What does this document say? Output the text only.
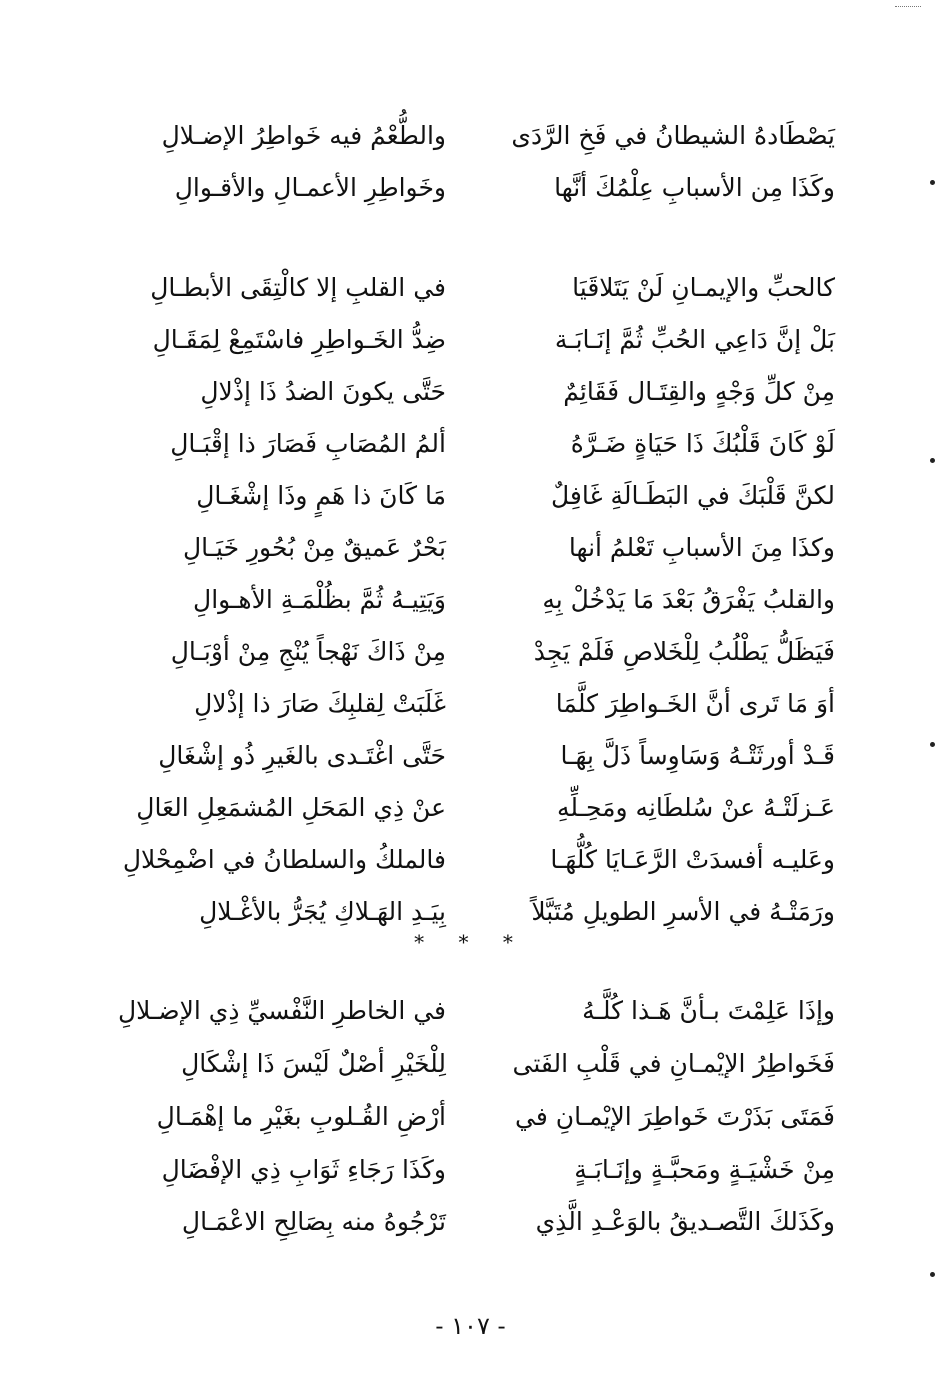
يَصْطَادهُ الشيطانُ في فَخِ الرَّدَى
والطُّعْمُ فيه خَواطِرُ الإضـلالِ
وكَذَا مِن الأسبابِ عِلْمُكَ أنَّها
وخَواطِرِ الأعمـالِ والأقـوالِ
كالحبِّ والإيمـانِ لَنْ يَتَلاقَيَا
في القلبِ إلا كالْتِقَى الأبطـالِ
بَلْ إنَّ دَاعِي الحُبِّ ثُمَّ إنَـابَـة
ضِدُّ الخَـواطِرِ فاسْتَمِعْ لِمَقَـالِ
مِنْ كلِّ وَجْهٍ والقِتَـال فَقَائِمٌ
حَتَّى يكونَ الضدُ ذَا إذْلالِ
لَوْ كَانَ قَلْبُكَ ذَا حَيَاةٍ ضَـرَّهُ
ألمُ المُصَابِ فَصَارَ ذا إقْبَـالِ
لكنَّ قَلْبَكَ في البَطَـالَةِ غَافِلٌ
مَا كَانَ ذا هَمٍ وذَا إشْغَـالِ
وكذَا مِنَ الأسبابِ تَعْلمُ أنها
بَحْرٌ عَميقٌ مِنْ بُحُورِ خَيَـالِ
والقلبُ يَفْرَقُ بَعْدَ مَا يَدْخُلْ بِهِ
وَيَتِيـهُ ثُمَّ بظُلْمَـةِ الأهـوالِ
فَيَظَلُّ يَطْلُبُ لِلْخَلاصِ فَلَمْ يَجِدْ
مِنْ ذَاكَ نَهْجاً يُنْجِ مِنْ أوْبَـالِ
أوَ مَا تَرى أنَّ الخَـواطِرَ كلَّمَا
غَلَبَتْ لِقلبِكَ صَارَ ذا إذْلالِ
قَـدْ أورثَتْـهُ وَسَاوِساً ذَلَّ بِهَـا
حَتَّى اغْتَـدى بالغَيرِ ذُو إشْغَالِ
عَـزلَتْـهُ عنْ سُلطَانِه ومَحِـلِّهِ
عنْ ذِي المَحَلِ المُشمَعِلِ العَالِ
وعَليـه أفسدَتْ الرَّعَـايَا كُلُّهَـا
فالملكُ والسلطانُ في اضْمِحْلالِ
ورَمَتْـهُ في الأسرِ الطويلِ مُتَبَّلاً
بِيَـدِ الهَـلاكِ يُجَرُّ بالأغْـلالِ
* * *
وإذَا عَلِمْتَ بـأنَّ هَـذا كُلَّـهُ
في الخاطرِ النَّفْسيِّ ذِي الإضـلالِ
فَخَواطِرُ الإيْمـانِ في قَلْبِ الفَتى
لِلْخَيْرِ أصْلٌ لَيْسَ ذَا إشْكَالِ
فَمَتَى بَذَرْتَ خَواطِرَ الإيْمـانِ في
أرْضِ القُـلوبِ بغَيْرِ ما إهْمَـالِ
مِنْ خَشْيَـةٍ ومَحبَّـةٍ وإنَـابَـةٍ
وكَذَا رَجَاءِ ثَوَابِ ذِي الإفْضَالِ
وكَذَلكَ التَّصـديقُ بالوَعْـدِ الَّذِي
تَرْجُوهُ منه بِصَالِحِ الاعْمَـالِ
- ١٠٧ -
